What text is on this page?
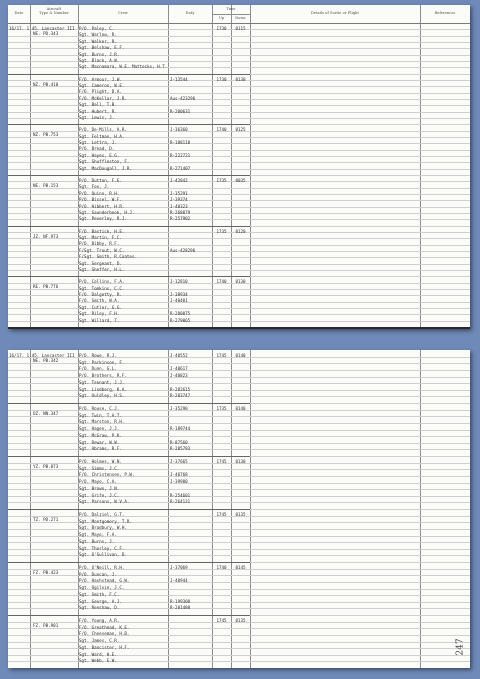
Date
Aircraft
Type & Number	Crew	Duty
Time
Up	Down
Details of Sortie or Flight	References
16/17. 1.45. Lancaster III
NE. PD.343
1730	0115
P/O. Paley, C.
Sgt. Warlow, R.
Sgt. Walker, R.
Sgt. Belshaw, E.F.
Sgt. Burns, J.R.
Sgt. Black, A.W.
Sgt. Macnamara, W.E. Mattocks, H.T.
NZ. PB.410
1730	0130
F/O. Armour, J.W.	J-13544
Sgt. Cameron, W.E.
F/O. Plight, D.A.
F/O. McKellar, J.R.	Aus-423296
Sgt. Ball, T.B.
Sgt. Hubert, R.	R-200631
Sgt. Lewis, J.
NZ. PB.753
1740	0125
P/O. De-Mills, A.R.	J-36360
Sgt. Feltman, H.A.
Sgt. Lettra, J.	R-188118
P/O. Bread, D.
Sgt. Hayes, E.G.	R-222721
Sgt. Shuffleston, F.
Sgt. MacDougall, J.R.	R-271407
NE. PB.153
1735	0035
P/O. Dutton, F.E.	J-42842
Sgt. Fox, J.
P/O. Quinn, R.H.	J-35291
P/O. Bissel, W.F.	J-39374
P/O. Hibbert, H.R.	J-40323
Sgt. Saunderbook, H.J.	R-268079
Sgt. Peverley, R.J.	R-257902
JZ. NF.973
1735	0120
F/O. Bastick, H.E.
Sgt. Martin, F.C.
P/O. Bibby, R.F.
F/Sgt. Trout, W.C.	Aus-428296
F/Sgt. Smith, R.Coates.
Sgt. Sergeant, D.
Sgt. Sheffer, H.L.
RE. PB.776
1740	0130
P/O. Collins, F.A.	J-12810
Sgt. Tomkins, C.C.
F/O. Dalgetty, R.	J-38934
F/O. Smith, W.A.	J-40401
Sgt. Cutler, G.G.
Sgt. Riley, F.H.	R-280075
Sgt. Willard, T.	R-279065
16/17. 1.45. Lancaster III
NE. PB.342
1745	0140
P/O. Rowe, R.J.	J-40552
Sgt. Parkinson, F.
F/O. Dunn, G.L.	J-40617
P/O. Brothers, R.F.	J-40823
Sgt. Tennant, J.J.
Sgt. Lindberg, K.A.	R-282615
Sgt. Ouldley, H.S.	R-283747
OZ. NN.347
1735	0140
P/O. Rouse, C.J.	J-35290
Sgt. Twin, T.A.T.
Sgt. Marston, R.H.
Sgt. Hagen, J.J.	R-189744
Sgt. McGraw, P.K.
Sgt. Dewar, W.W.	R-87560
Sgt. Abrams, R.F.	R-285793
YZ. PB.873
1745	0130
P/O. Holmes, W.N.	J-37665
Sgt. Simms, J.C.
F/O. Christensen, P.W.	J-40768
P/O. Mayo, C.A.	J-39980
Sgt. Brown, J.N.
Sgt. Grife, J.C.	R-254601
Sgt. Parsons, W.V.A.	R-264131
TZ. PD.271
1745	0135
P/O. Dalziel, G.T.
Sgt. Montgomery, T.R.
Sgt. Bradbury, W.H.
Sgt. Mayo, F.A.
Sgt. Burns, J.
Sgt. Thorley, C.F.
Sgt. O'Sullivan, D.
FZ. PB.423
1740	0145
P/O. O'Neill, R.H.	J-37069
P/O. Duncan, J.
P/O. Hashstead, G.W.	J-40944
Sgt. Ogilvie, J.C.
Sgt. Smith, F.C.
Sgt. George, A.J.	R-199308
Sgt. Renshaw, D.	R-201480
FZ. PB.901
1745	0135
F/O. Young, A.R.
F/O. Greathead, K.E.
F/O. Cheeseman, H.B.
Sgt. James, C.R.
Sgt. Bancister, H.F.
Sgt. Ward, H.E.
Sgt. Webb, E.W.
247
